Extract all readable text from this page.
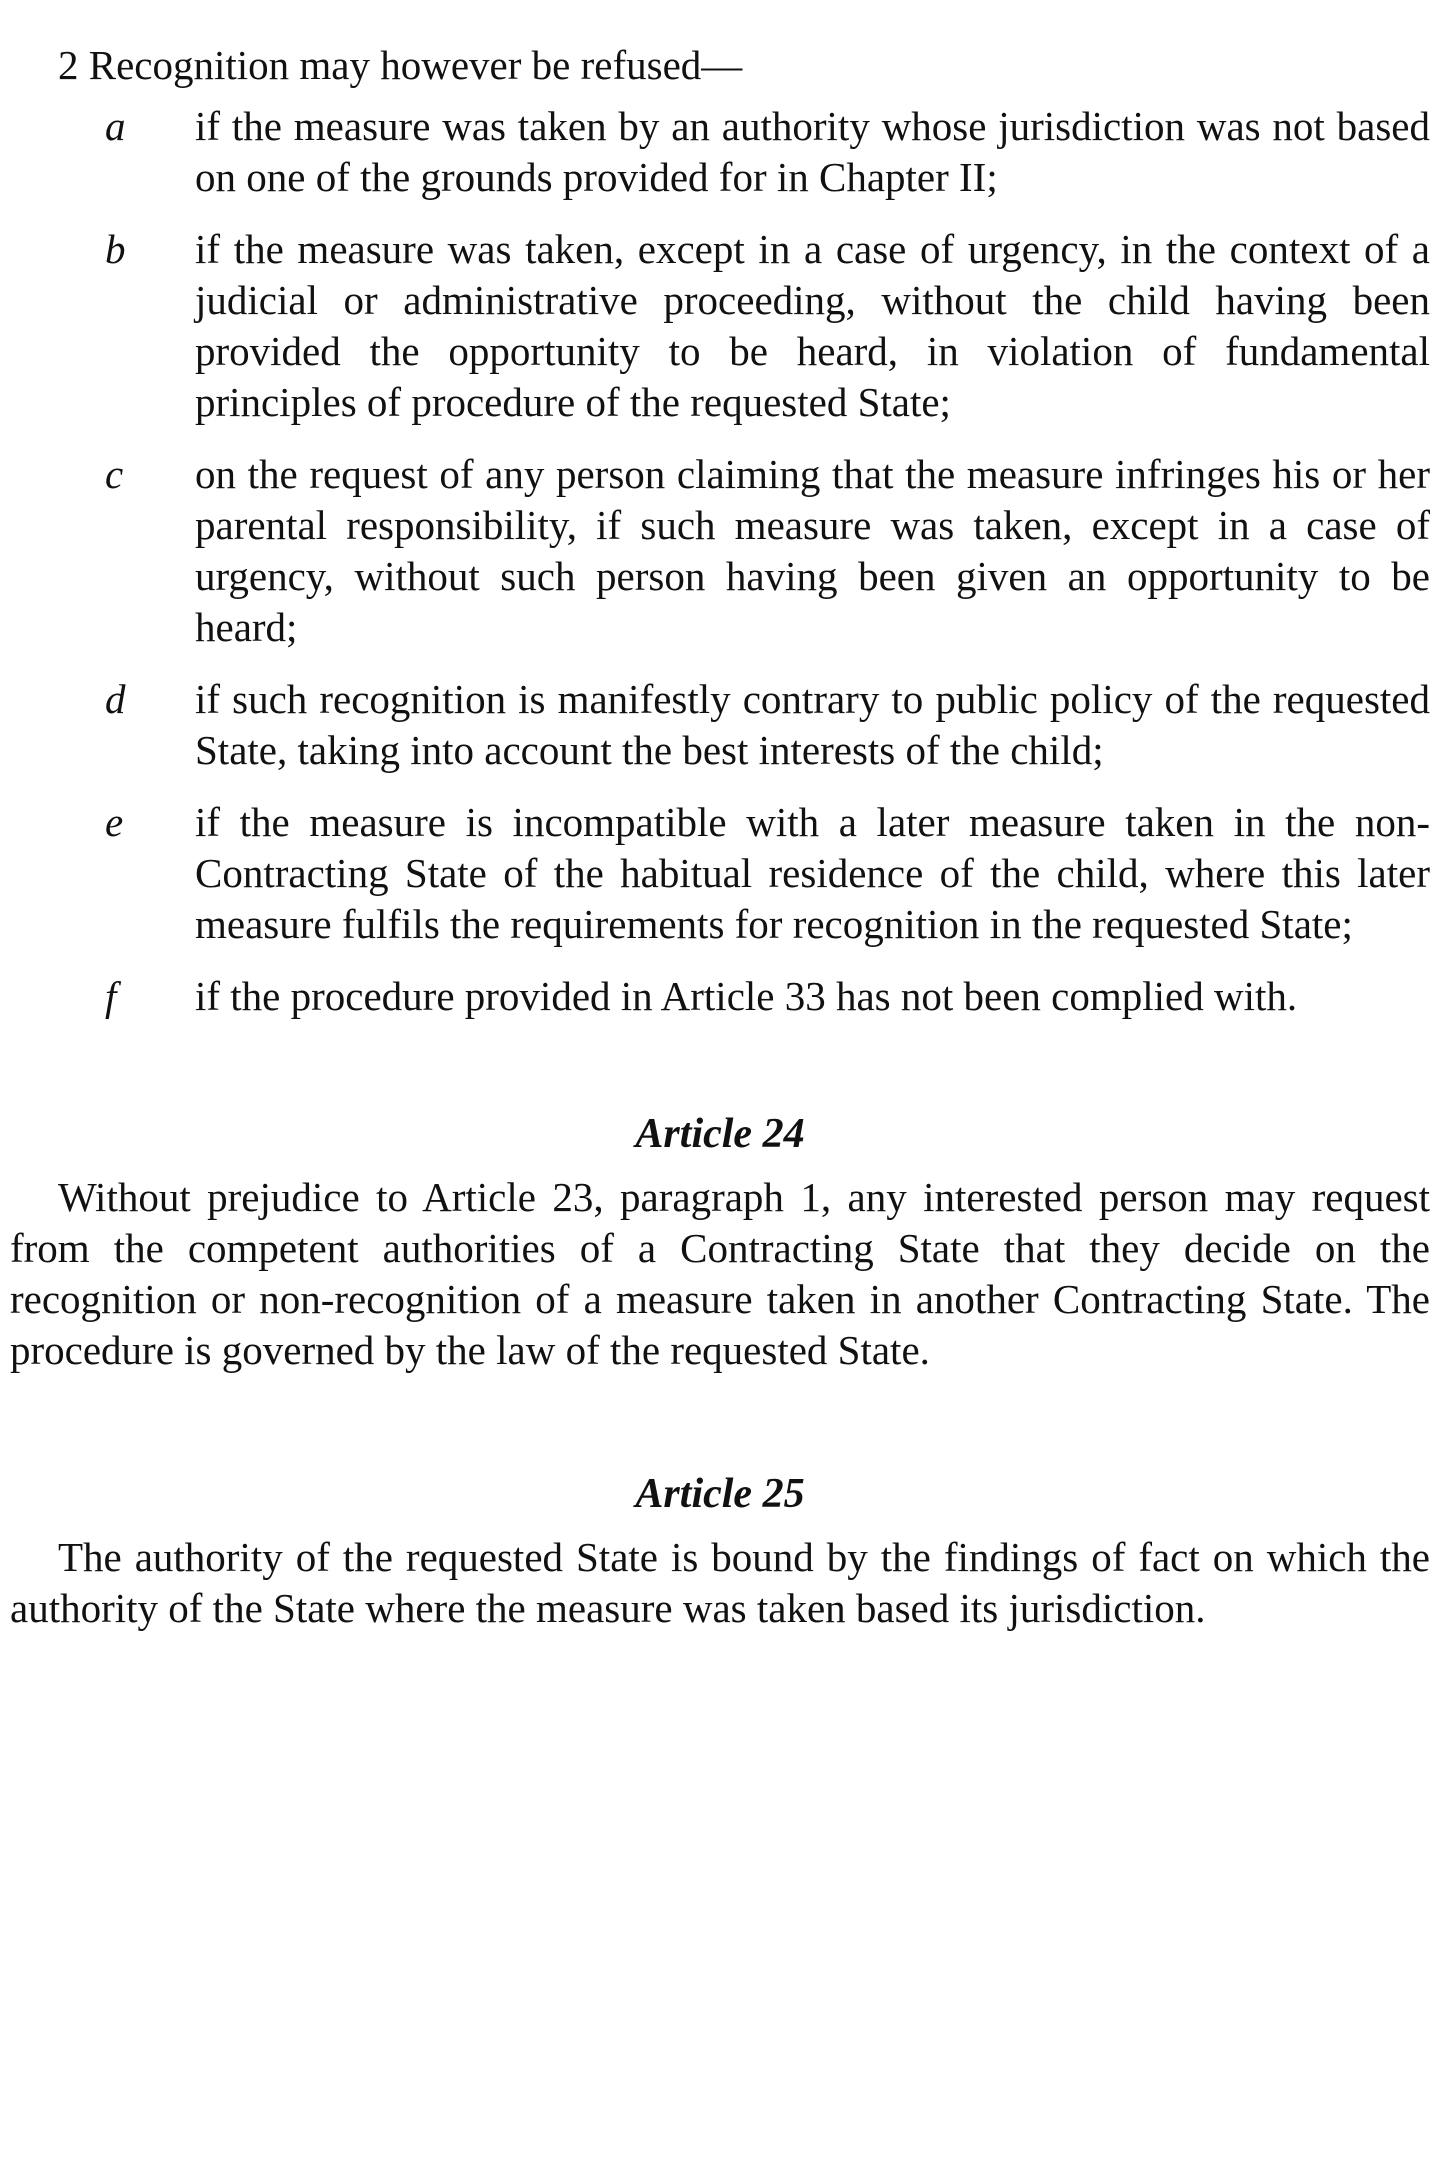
2 Recognition may however be refused—

a	if the measure was taken by an authority whose jurisdiction was not based on one of the grounds provided for in Chapter II;
b	if the measure was taken, except in a case of urgency, in the context of a judicial or administrative proceeding, without the child having been provided the opportunity to be heard, in violation of fundamental principles of procedure of the requested State;
c	on the request of any person claiming that the measure infringes his or her parental responsibility, if such measure was taken, except in a case of urgency, without such person having been given an opportunity to be heard;
d	if such recognition is manifestly contrary to public policy of the requested State, taking into account the best interests of the child;
e	if the measure is incompatible with a later measure taken in the non-Contracting State of the habitual residence of the child, where this later measure fulfils the requirements for recognition in the requested State;
f	if the procedure provided in Article 33 has not been complied with.
Article 24

Without prejudice to Article 23, paragraph 1, any interested person may request from the competent authorities of a Contracting State that they decide on the recognition or non-recognition of a measure taken in another Contracting State. The procedure is governed by the law of the requested State.

Article 25

The authority of the requested State is bound by the findings of fact on which the authority of the State where the measure was taken based its jurisdiction.
